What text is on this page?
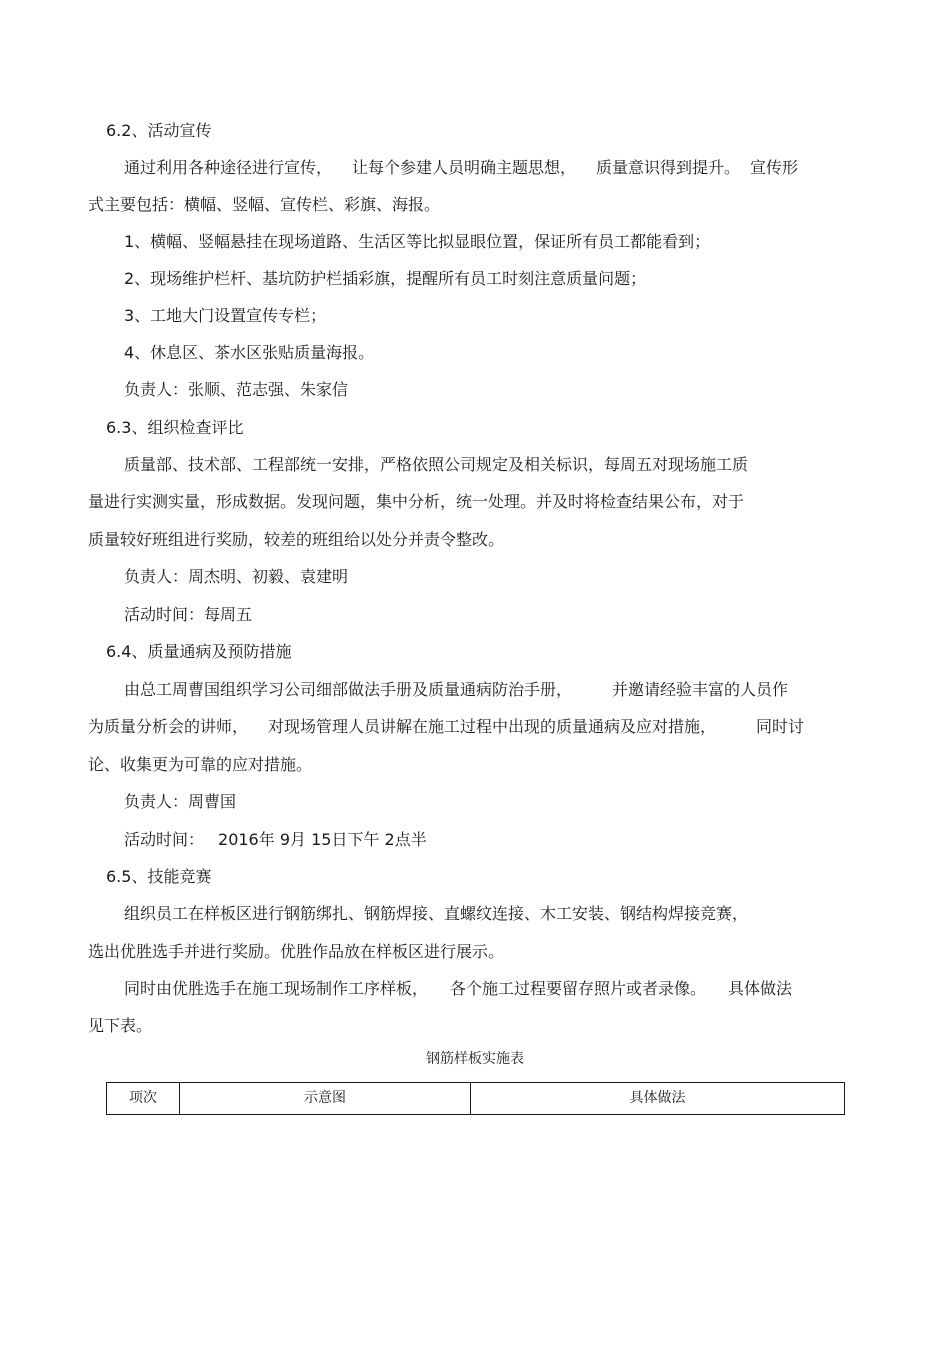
6.2、活动宣传
通过利用各种途径进行宣传， 让每个参建人员明确主题思想， 质量意识得到提升。 宣传形
式主要包括：横幅、竖幅、宣传栏、彩旗、海报。
1、横幅、竖幅悬挂在现场道路、生活区等比拟显眼位置，保证所有员工都能看到；
2、现场维护栏杆、基坑防护栏插彩旗，提醒所有员工时刻注意质量问题；
3、工地大门设置宣传专栏；
4、休息区、茶水区张贴质量海报。
负责人：张顺、范志强、朱家信
6.3、组织检查评比
质量部、技术部、工程部统一安排，严格依照公司规定及相关标识，每周五对现场施工质
量进行实测实量，形成数据。发现问题，集中分析，统一处理。并及时将检查结果公布，对于
质量较好班组进行奖励，较差的班组给以处分并责令整改。
负责人：周杰明、初毅、袁建明
活动时间：每周五
6.4、质量通病及预防措施
由总工周曹国组织学习公司细部做法手册及质量通病防治手册，	并邀请经验丰富的人员作
为质量分析会的讲师， 对现场管理人员讲解在施工过程中出现的质量通病及应对措施，	同时讨
论、收集更为可靠的应对措施。
负责人：周曹国
活动时间： 2016年 9月 15日下午 2点半
6.5、技能竞赛
组织员工在样板区进行钢筋绑扎、钢筋焊接、直螺纹连接、木工安装、钢结构焊接竞赛，
选出优胜选手并进行奖励。优胜作品放在样板区进行展示。
同时由优胜选手在施工现场制作工序样板， 各个施工过程要留存照片或者录像。 具体做法
见下表。
钢筋样板实施表
项次	示意图	具体做法
